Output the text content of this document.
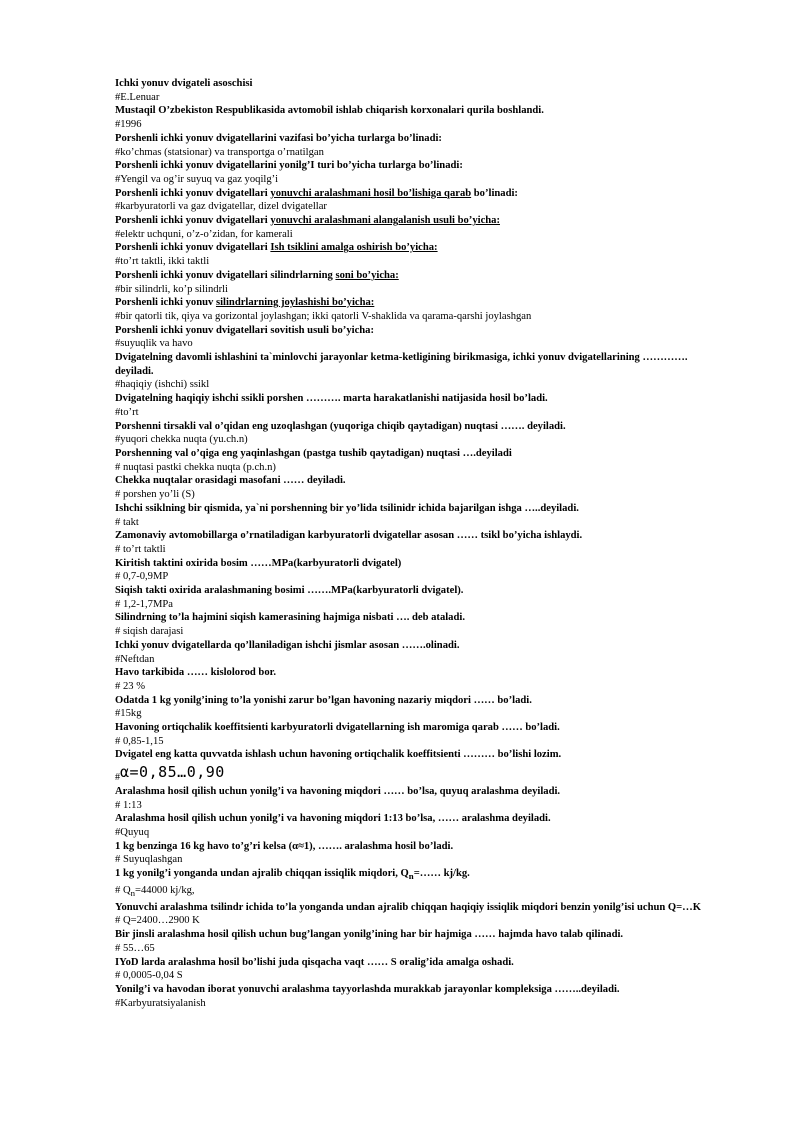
Ichki yonuv dvigateli asoschisi
#E.Lenuar
Mustaqil O’zbekiston Respublikasida avtomobil ishlab chiqarish korxonalari qurila boshlandi.
#1996
Porshenli ichki yonuv dvigatellarini vazifasi bo’yicha turlarga bo’linadi:
#ko’chmas (statsionar) va transportga o’rnatilgan
Porshenli ichki yonuv dvigatellarini yonilg’I turi bo’yicha turlarga bo’linadi:
#Yengil va og’ir suyuq va gaz yoqilg’i
Porshenli ichki yonuv dvigatellari yonuvchi aralashmani hosil bo’lishiga qarab bo’linadi:
#karbyuratorli va gaz dvigatellar, dizel dvigatellar
Porshenli ichki yonuv dvigatellari yonuvchi aralashmani alangalanish usuli bo’yicha:
#elektr uchquni, o’z-o’zidan, for kamerali
Porshenli ichki yonuv dvigatellari Ish tsiklini amalga oshirish bo’yicha:
#to’rt taktli, ikki taktli
Porshenli ichki yonuv dvigatellari silindrlarning soni bo’yicha:
#bir silindrli, ko’p silindrli
Porshenli ichki yonuv silindrlarning joylashishi bo’yicha:
#bir qatorli tik, qiya va gorizontal joylashgan; ikki qatorli V-shaklida va qarama-qarshi joylashgan
Porshenli ichki yonuv dvigatellari sovitish usuli bo’yicha:
#suyuqlik va havo
Dvigatelning davomli ishlashini ta`minlovchi jarayonlar ketma-ketligining birikmasiga, ichki yonuv dvigatellarining …………. deyiladi.
#haqiqiy (ishchi) ssikl
Dvigatelning haqiqiy ishchi ssikli porshen ………. marta harakatlanishi natijasida hosil bo’ladi.
#to’rt
Porshenni tirsakli val o’qidan eng uzoqlashgan (yuqoriga chiqib qaytadigan) nuqtasi ……. deyiladi.
#yuqori chekka nuqta (yu.ch.n)
Porshenning val o’qiga eng yaqinlashgan (pastga tushib qaytadigan) nuqtasi ….deyiladi
# nuqtasi pastki chekka nuqta (p.ch.n)
Chekka nuqtalar orasidagi masofani …… deyiladi.
# porshen yo’li (S)
Ishchi ssiklning bir qismida, ya`ni porshenning bir yo’lida tsilinidr ichida bajarilgan ishga …..deyiladi.
# takt
Zamonaviy avtomobillarga o’rnatiladigan karbyuratorli dvigatellar asosan …… tsikl bo’yicha ishlaydi.
# to’rt taktli
Kiritish taktini oxirida bosim ……MPa(karbyuratorli dvigatel)
# 0,7-0,9MP
Siqish takti oxirida aralashmaning bosimi …….MPa(karbyuratorli dvigatel).
# 1,2-1,7MPa
Silindrning to’la hajmini siqish kamerasining hajmiga nisbati …. deb ataladi.
# siqish darajasi
Ichki yonuv dvigatellarda qo’llaniladigan ishchi jismlar asosan …….olinadi.
#Neftdan
Havo tarkibida …… kislolorod bor.
# 23 %
Odatda 1 kg yonilg’ining to’la yonishi zarur bo’lgan havoning nazariy miqdori …… bo’ladi.
#15kg
Havoning ortiqchalik koeffitsienti karbyuratorli dvigatellarning ish maromiga qarab …… bo’ladi.
# 0,85-1,15
Dvigatel eng katta quvvatda ishlash uchun havoning ortiqchalik koeffitsienti ……… bo’lishi lozim.
#α=0,85…0,90
Aralashma hosil qilish uchun yonilg’i va havoning miqdori …… bo’lsa, quyuq aralashma deyiladi.
# 1:13
Aralashma hosil qilish uchun yonilg’i va havoning miqdori 1:13 bo’lsa, …… aralashma deyiladi.
#Quyuq
1 kg benzinga 16 kg havo to’g’ri kelsa (α≈1), ……. aralashma hosil bo’ladi.
# Suyuqlashgan
1 kg yonilg’i yonganda undan ajralib chiqqan issiqlik miqdori, $Q_n=\dots\dots$ kj/kg.
# $Q_n=44000$ kj/kg,
Yonuvchi aralashma tsilindr ichida to’la yonganda undan ajralib chiqqan haqiqiy issiqlik miqdori benzin yonilg’isi uchun Q=…K
# Q=2400…2900 K
Bir jinsli aralashma hosil qilish uchun bug’langan yonilg’ining har bir hajmiga …… hajmda havo talab qilinadi.
# 55…65
IYoD larda aralashma hosil bo’lishi juda qisqacha vaqt …… S oralig’ida amalga oshadi.
# 0,0005-0,04 S
Yonilg’i va havodan iborat yonuvchi aralashma tayyorlashda murakkab jarayonlar kompleksiga ……..deyiladi.
#Karbyuratsiyalanish
